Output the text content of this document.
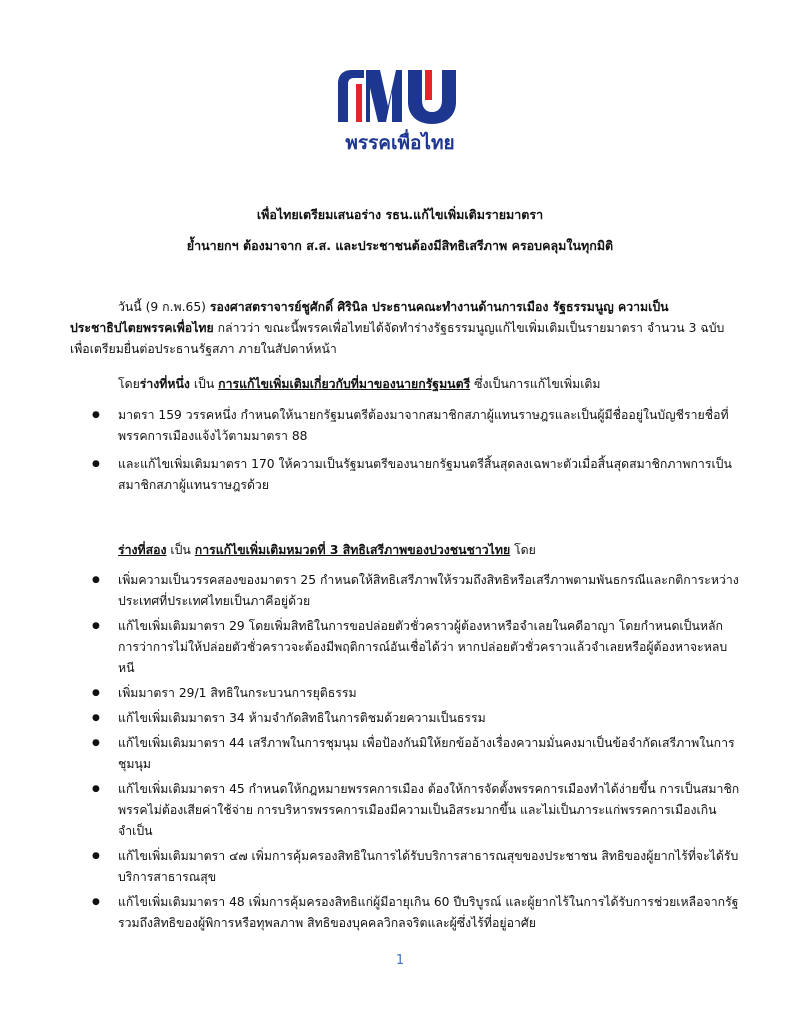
พรรคเพื่อไทย
เพื่อไทยเตรียมเสนอร่าง รธน.แก้ไขเพิ่มเติมรายมาตรา
ย้ำนายกฯ ต้องมาจาก ส.ส. และประชาชนต้องมีสิทธิเสรีภาพ ครอบคลุมในทุกมิติ
วันนี้ (9 ก.พ.65) รองศาสตราจารย์ชูศักดิ์ ศิรินิล ประธานคณะทำงานด้านการเมือง รัฐธรรมนูญ ความเป็นประชาธิปไตยพรรคเพื่อไทย กล่าวว่า ขณะนี้พรรคเพื่อไทยได้จัดทำร่างรัฐธรรมนูญแก้ไขเพิ่มเติมเป็นรายมาตรา จำนวน 3 ฉบับ เพื่อเตรียมยื่นต่อประธานรัฐสภา ภายในสัปดาห์หน้า
โดยร่างที่หนึ่ง เป็น การแก้ไขเพิ่มเติมเกี่ยวกับที่มาของนายกรัฐมนตรี ซึ่งเป็นการแก้ไขเพิ่มเติม
● มาตรา 159 วรรคหนึ่ง กำหนดให้นายกรัฐมนตรีต้องมาจากสมาชิกสภาผู้แทนราษฎรและเป็นผู้มีชื่ออยู่ในบัญชีรายชื่อที่พรรคการเมืองแจ้งไว้ตามมาตรา 88
● และแก้ไขเพิ่มเติมมาตรา 170 ให้ความเป็นรัฐมนตรีของนายกรัฐมนตรีสิ้นสุดลงเฉพาะตัวเมื่อสิ้นสุดสมาชิกภาพการเป็นสมาชิกสภาผู้แทนราษฎรด้วย
ร่างที่สอง เป็น การแก้ไขเพิ่มเติมหมวดที่ 3 สิทธิเสรีภาพของปวงชนชาวไทย โดย
● เพิ่มความเป็นวรรคสองของมาตรา 25 กำหนดให้สิทธิเสรีภาพให้รวมถึงสิทธิหรือเสรีภาพตามพันธกรณีและกติการะหว่างประเทศที่ประเทศไทยเป็นภาคีอยู่ด้วย
● แก้ไขเพิ่มเติมมาตรา 29 โดยเพิ่มสิทธิในการขอปล่อยตัวชั่วคราวผู้ต้องหาหรือจำเลยในคดีอาญา โดยกำหนดเป็นหลักการว่าการไม่ให้ปล่อยตัวชั่วคราวจะต้องมีพฤติการณ์อันเชื่อได้ว่า หากปล่อยตัวชั่วคราวแล้วจำเลยหรือผู้ต้องหาจะหลบหนี
● เพิ่มมาตรา 29/1 สิทธิในกระบวนการยุติธรรม
● แก้ไขเพิ่มเติมมาตรา 34 ห้ามจำกัดสิทธิในการติชมด้วยความเป็นธรรม
● แก้ไขเพิ่มเติมมาตรา 44 เสรีภาพในการชุมนุม เพื่อป้องกันมิให้ยกข้ออ้างเรื่องความมั่นคงมาเป็นข้อจำกัดเสรีภาพในการชุมนุม
● แก้ไขเพิ่มเติมมาตรา 45 กำหนดให้กฎหมายพรรคการเมือง ต้องให้การจัดตั้งพรรคการเมืองทำได้ง่ายขึ้น การเป็นสมาชิกพรรคไม่ต้องเสียค่าใช้จ่าย การบริหารพรรคการเมืองมีความเป็นอิสระมากขึ้น และไม่เป็นภาระแก่พรรคการเมืองเกินจำเป็น
● แก้ไขเพิ่มเติมมาตรา ๔๗ เพิ่มการคุ้มครองสิทธิในการได้รับบริการสาธารณสุขของประชาชน สิทธิของผู้ยากไร้ที่จะได้รับบริการสาธารณสุข
● แก้ไขเพิ่มเติมมาตรา 48 เพิ่มการคุ้มครองสิทธิแก่ผู้มีอายุเกิน 60 ปีบริบูรณ์ และผู้ยากไร้ในการได้รับการช่วยเหลือจากรัฐ รวมถึงสิทธิของผู้พิการหรือทุพลภาพ สิทธิของบุคคลวิกลจริตและผู้ซึ่งไร้ที่อยู่อาศัย
1
